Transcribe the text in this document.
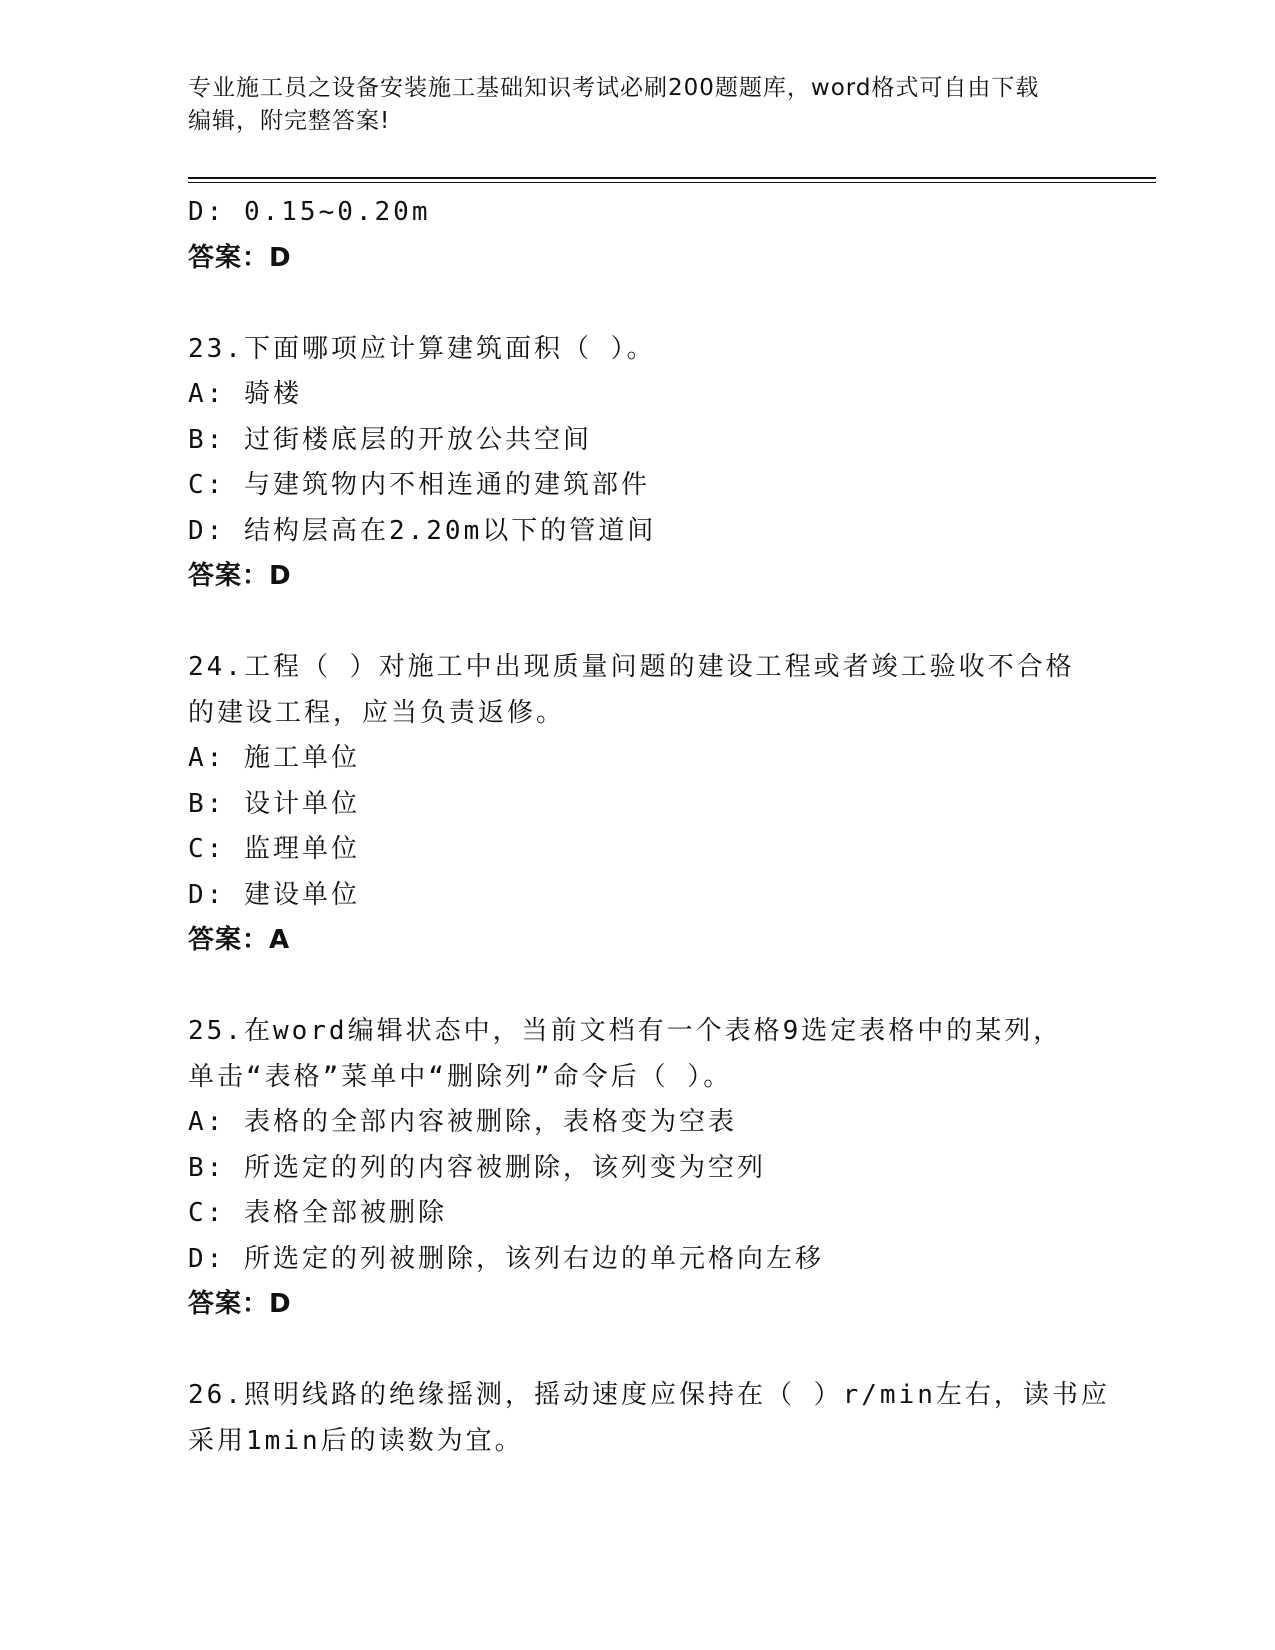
专业施工员之设备安装施工基础知识考试必刷200题题库，word格式可自由下载
编辑，附完整答案!
D: 0.15~0.20m
答案：D
23.下面哪项应计算建筑面积（ ）。
A: 骑楼
B: 过街楼底层的开放公共空间
C: 与建筑物内不相连通的建筑部件
D: 结构层高在2.20m以下的管道间
答案：D
24.工程（ ）对施工中出现质量问题的建设工程或者竣工验收不合格
的建设工程，应当负责返修。
A: 施工单位
B: 设计单位
C: 监理单位
D: 建设单位
答案：A
25.在word编辑状态中，当前文档有一个表格9选定表格中的某列，
单击“表格”菜单中“删除列”命令后（ ）。
A: 表格的全部内容被删除，表格变为空表
B: 所选定的列的内容被删除，该列变为空列
C: 表格全部被删除
D: 所选定的列被删除，该列右边的单元格向左移
答案：D
26.照明线路的绝缘摇测，摇动速度应保持在（ ）r/min左右，读书应
采用1min后的读数为宜。
